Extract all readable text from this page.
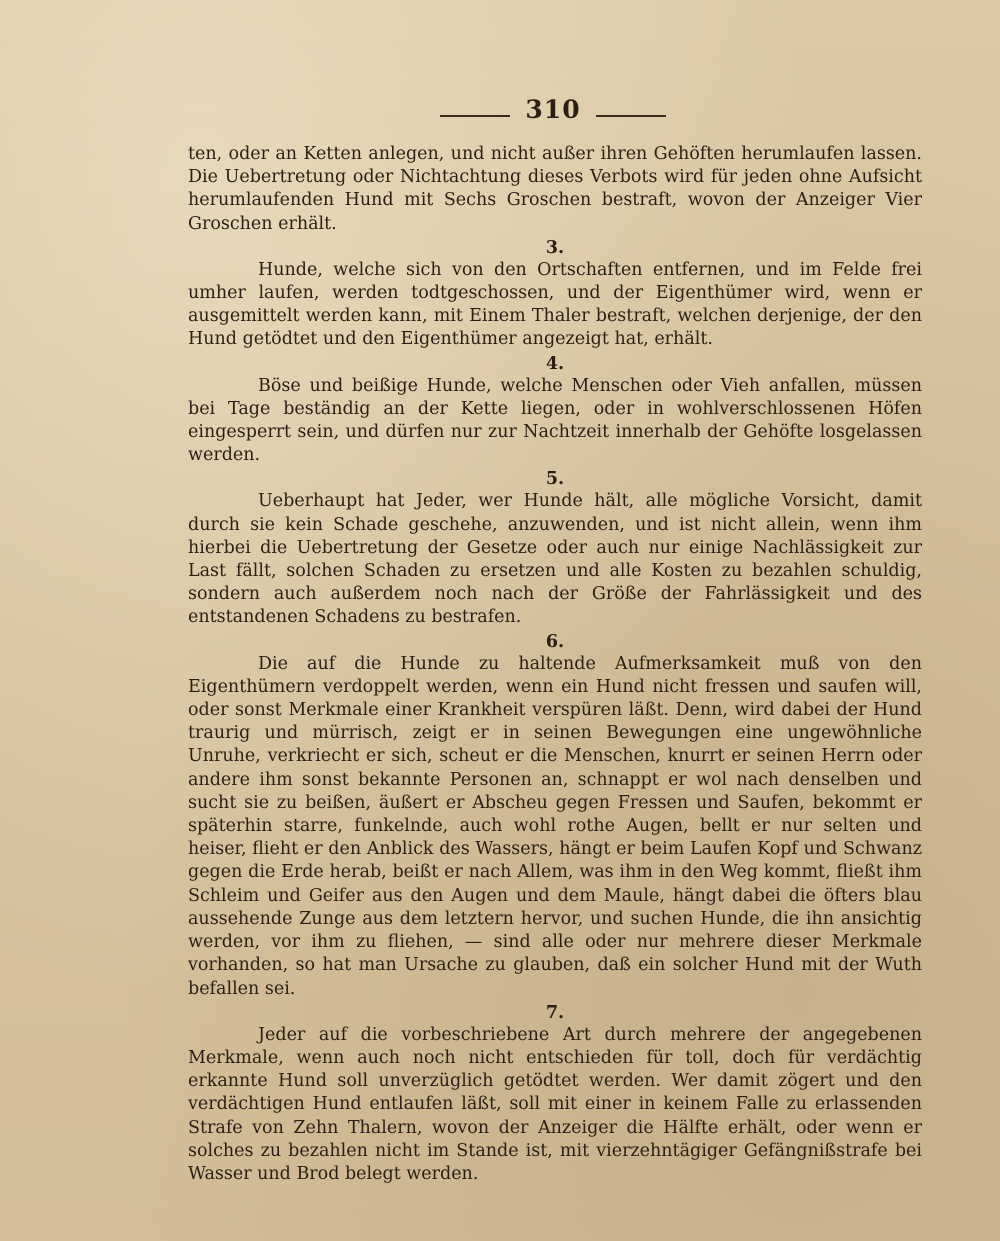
310

ten, oder an Ketten anlegen, und nicht außer ihren Gehöften herumlaufen lassen. Die Uebertretung oder Nichtachtung dieses Verbots wird für jeden ohne Aufsicht herumlaufenden Hund mit Sechs Groschen bestraft, wovon der Anzeiger Vier Groschen erhält.

3.

Hunde, welche sich von den Ortschaften entfernen, und im Felde frei umher laufen, werden todtgeschossen, und der Eigenthümer wird, wenn er ausgemittelt werden kann, mit Einem Thaler bestraft, welchen derjenige, der den Hund getödtet und den Eigenthümer angezeigt hat, erhält.

4.

Böse und beißige Hunde, welche Menschen oder Vieh anfallen, müssen bei Tage beständig an der Kette liegen, oder in wohlverschlossenen Höfen eingesperrt sein, und dürfen nur zur Nachtzeit innerhalb der Gehöfte losgelassen werden.

5.

Ueberhaupt hat Jeder, wer Hunde hält, alle mögliche Vorsicht, damit durch sie kein Schade geschehe, anzuwenden, und ist nicht allein, wenn ihm hierbei die Uebertretung der Gesetze oder auch nur einige Nachlässigkeit zur Last fällt, solchen Schaden zu ersetzen und alle Kosten zu bezahlen schuldig, sondern auch außerdem noch nach der Größe der Fahrlässigkeit und des entstandenen Schadens zu bestrafen.

6.

Die auf die Hunde zu haltende Aufmerksamkeit muß von den Eigenthümern verdoppelt werden, wenn ein Hund nicht fressen und saufen will, oder sonst Merkmale einer Krankheit verspüren läßt. Denn, wird dabei der Hund traurig und mürrisch, zeigt er in seinen Bewegungen eine ungewöhnliche Unruhe, verkriecht er sich, scheut er die Menschen, knurrt er seinen Herrn oder andere ihm sonst bekannte Personen an, schnappt er wol nach denselben und sucht sie zu beißen, äußert er Abscheu gegen Fressen und Saufen, bekommt er späterhin starre, funkelnde, auch wohl rothe Augen, bellt er nur selten und heiser, flieht er den Anblick des Wassers, hängt er beim Laufen Kopf und Schwanz gegen die Erde herab, beißt er nach Allem, was ihm in den Weg kommt, fließt ihm Schleim und Geifer aus den Augen und dem Maule, hängt dabei die öfters blau aussehende Zunge aus dem letztern hervor, und suchen Hunde, die ihn ansichtig werden, vor ihm zu fliehen, — sind alle oder nur mehrere dieser Merkmale vorhanden, so hat man Ursache zu glauben, daß ein solcher Hund mit der Wuth befallen sei.

7.

Jeder auf die vorbeschriebene Art durch mehrere der angegebenen Merkmale, wenn auch noch nicht entschieden für toll, doch für verdächtig erkannte Hund soll unverzüglich getödtet werden. Wer damit zögert und den verdächtigen Hund entlaufen läßt, soll mit einer in keinem Falle zu erlassenden Strafe von Zehn Thalern, wovon der Anzeiger die Hälfte erhält, oder wenn er solches zu bezahlen nicht im Stande ist, mit vierzehntägiger Gefängnißstrafe bei Wasser und Brod belegt werden.
